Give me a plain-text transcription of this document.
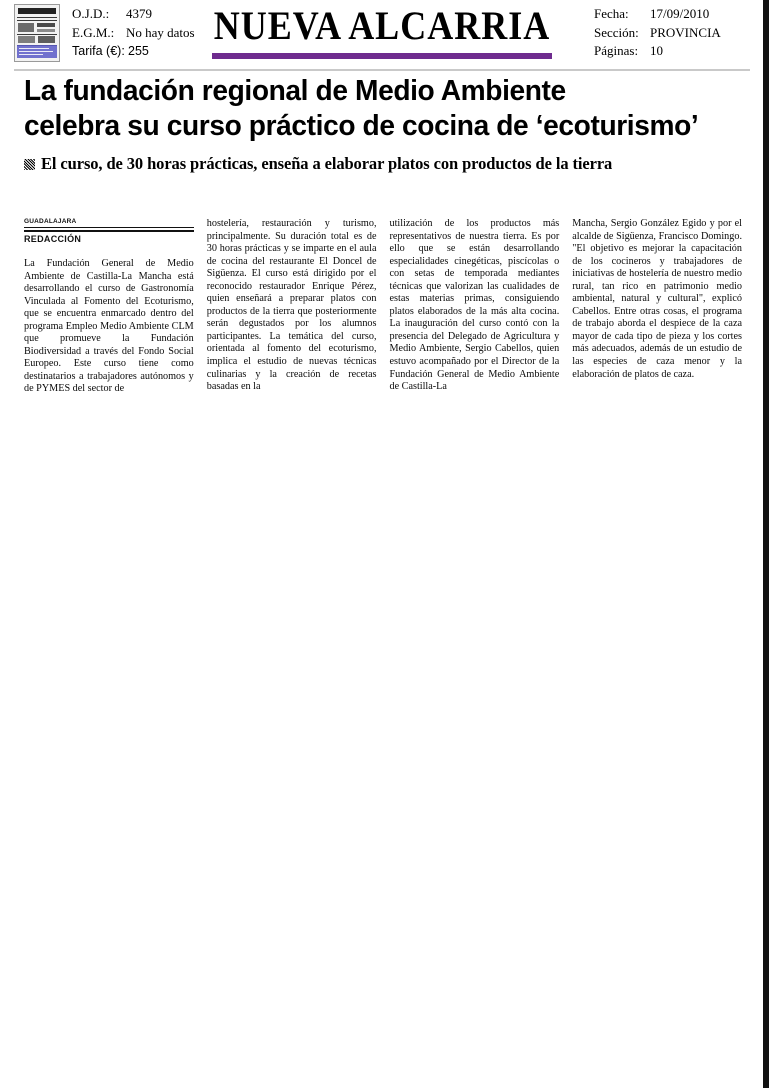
O.J.D.: 4379
E.G.M.: No hay datos
Tarifa (€): 255
NUEVA ALCARRIA	Fecha: 17/09/2010
Sección: PROVINCIA
Páginas: 10
La fundación regional de Medio Ambiente
celebra su curso práctico de cocina de ‘ecoturismo’
El curso, de 30 horas prácticas, enseña a elaborar platos con productos de la tierra
GUADALAJARA
REDACCIÓN

La Fundación General de Medio Ambiente de Castilla-La Mancha está desarrollando el curso de Gastronomía Vinculada al Fomento del Ecoturismo, que se encuentra enmarcado dentro del programa Empleo Medio Ambiente CLM que promueve la Fundación Biodiversidad a través del Fondo Social Europeo. Este curso tiene como destinatarios a trabajadores autónomos y de PYMES del sector de

hostelería, restauración y turismo, principalmente. Su duración total es de 30 horas prácticas y se imparte en el aula de cocina del restaurante El Doncel de Sigüenza. El curso está dirigido por el reconocido restaurador Enrique Pérez, quien enseñará a preparar platos con productos de la tierra que posteriormente serán degustados por los alumnos participantes. La temática del curso, orientada al fomento del ecoturismo, implica el estudio de nuevas técnicas culinarias y la creación de recetas basadas en la

utilización de los productos más representativos de nuestra tierra. Es por ello que se están desarrollando especialidades cinegéticas, piscícolas o con setas de temporada mediantes técnicas que valorizan las cualidades de estas materias primas, consiguiendo platos elaborados de la más alta cocina. La inauguración del curso contó con la presencia del Delegado de Agricultura y Medio Ambiente, Sergio Cabellos, quien estuvo acompañado por el Director de la Fundación General de Medio Ambiente de Castilla-La

Mancha, Sergio González Egido y por el alcalde de Sigüenza, Francisco Domingo. "El objetivo es mejorar la capacitación de los cocineros y trabajadores de iniciativas de hostelería de nuestro medio rural, tan rico en patrimonio medio ambiental, natural y cultural", explicó Cabellos. Entre otras cosas, el programa de trabajo aborda el despiece de la caza mayor de cada tipo de pieza y los cortes más adecuados, además de un estudio de las especies de caza menor y la elaboración de platos de caza.
